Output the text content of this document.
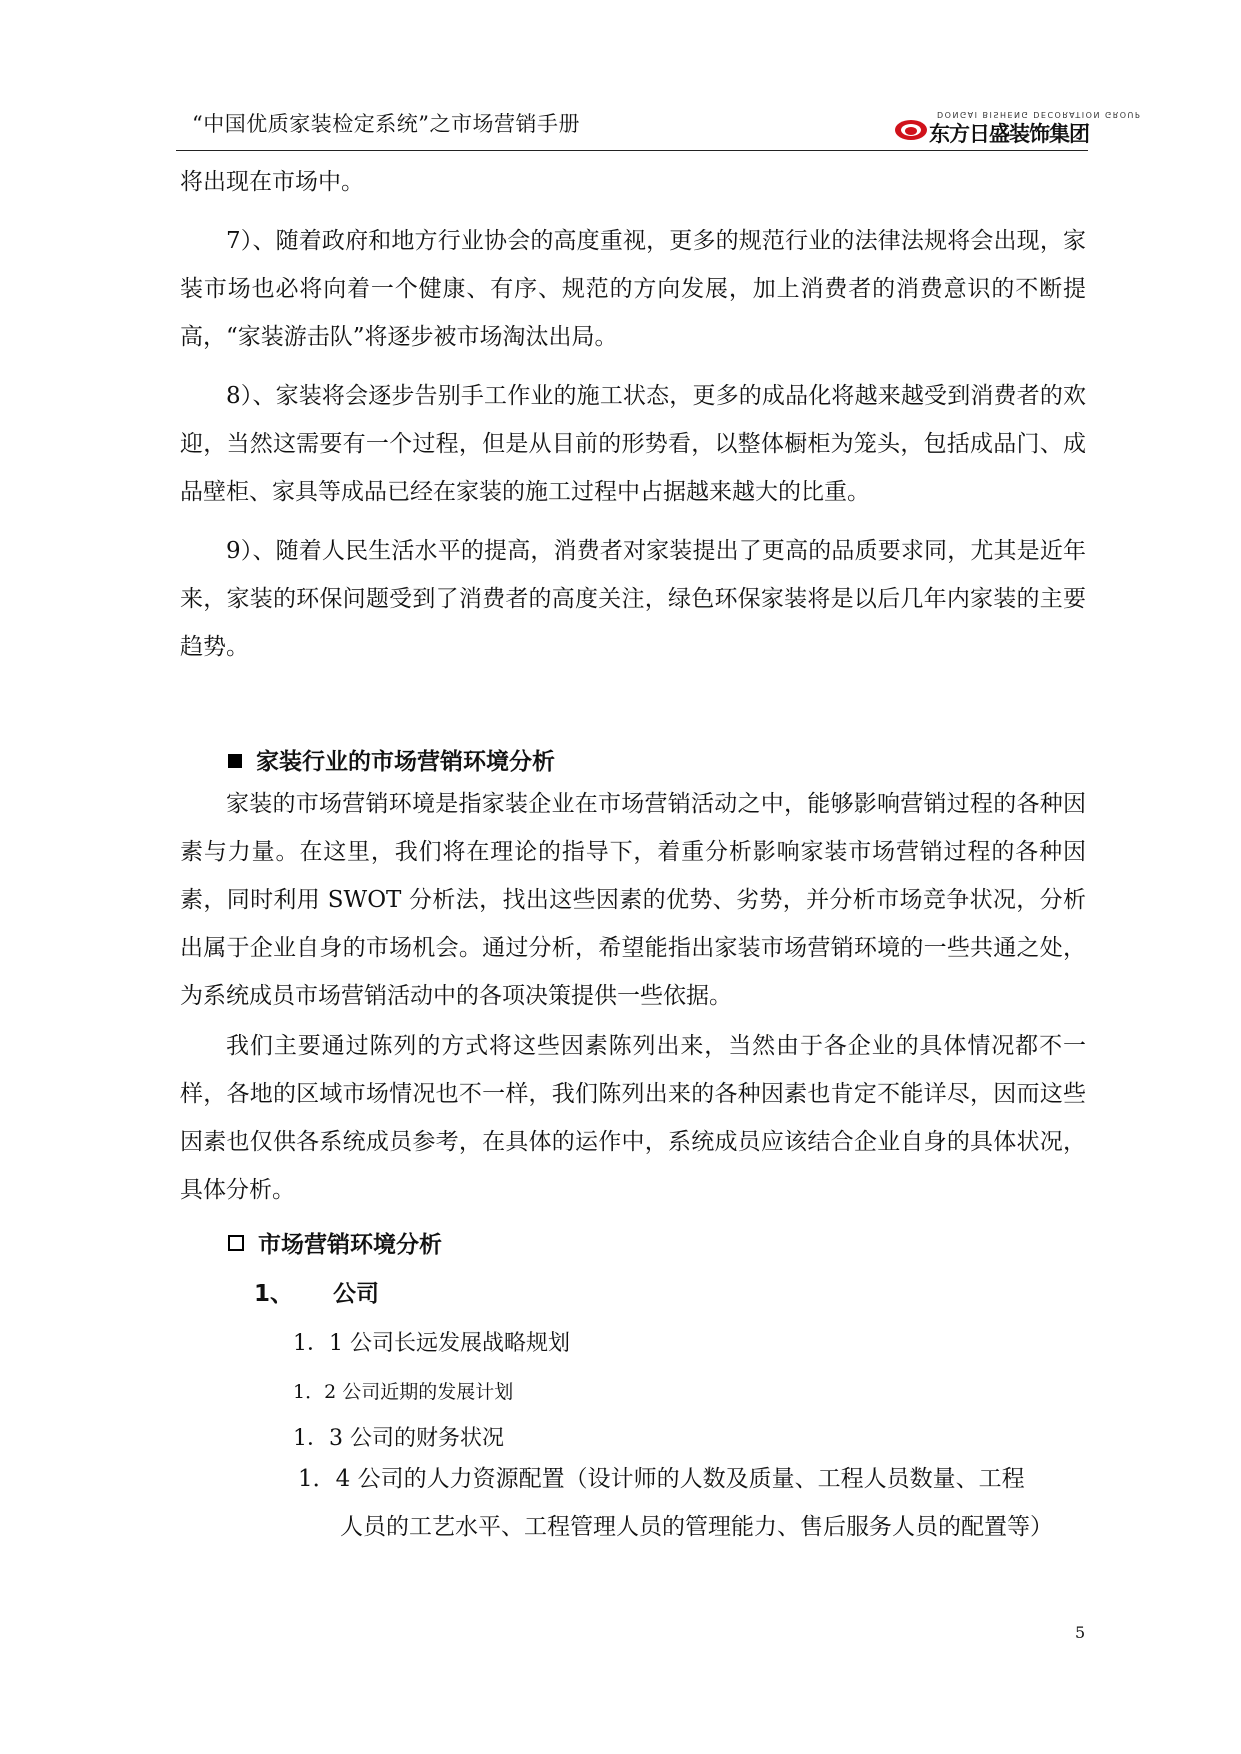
“中国优质家装检定系统”之市场营销手册	DONGAI BISHENG DECORATION GROUP
东方日盛装饰集团

将出现在市场中。

7）、随着政府和地方行业协会的高度重视，更多的规范行业的法律法规将会出现，家装市场也必将向着一个健康、有序、规范的方向发展，加上消费者的消费意识的不断提高，“家装游击队”将逐步被市场淘汰出局。

8）、家装将会逐步告别手工作业的施工状态，更多的成品化将越来越受到消费者的欢迎，当然这需要有一个过程，但是从目前的形势看，以整体橱柜为笼头，包括成品门、成品壁柜、家具等成品已经在家装的施工过程中占据越来越大的比重。

9）、随着人民生活水平的提高，消费者对家装提出了更高的品质要求同，尤其是近年来，家装的环保问题受到了消费者的高度关注，绿色环保家装将是以后几年内家装的主要趋势。

家装行业的市场营销环境分析

家装的市场营销环境是指家装企业在市场营销活动之中，能够影响营销过程的各种因素与力量。在这里，我们将在理论的指导下，着重分析影响家装市场营销过程的各种因素，同时利用 SWOT 分析法，找出这些因素的优势、劣势，并分析市场竞争状况，分析出属于企业自身的市场机会。通过分析，希望能指出家装市场营销环境的一些共通之处，为系统成员市场营销活动中的各项决策提供一些依据。

我们主要通过陈列的方式将这些因素陈列出来，当然由于各企业的具体情况都不一样，各地的区域市场情况也不一样，我们陈列出来的各种因素也肯定不能详尽，因而这些因素也仅供各系统成员参考，在具体的运作中，系统成员应该结合企业自身的具体状况，具体分析。

市场营销环境分析
1、 公司
1．1 公司长远发展战略规划
1．2 公司近期的发展计划
1．3 公司的财务状况

1．4 公司的人力资源配置（设计师的人数及质量、工程人员数量、工程
人员的工艺水平、工程管理人员的管理能力、售后服务人员的配置等）

5
